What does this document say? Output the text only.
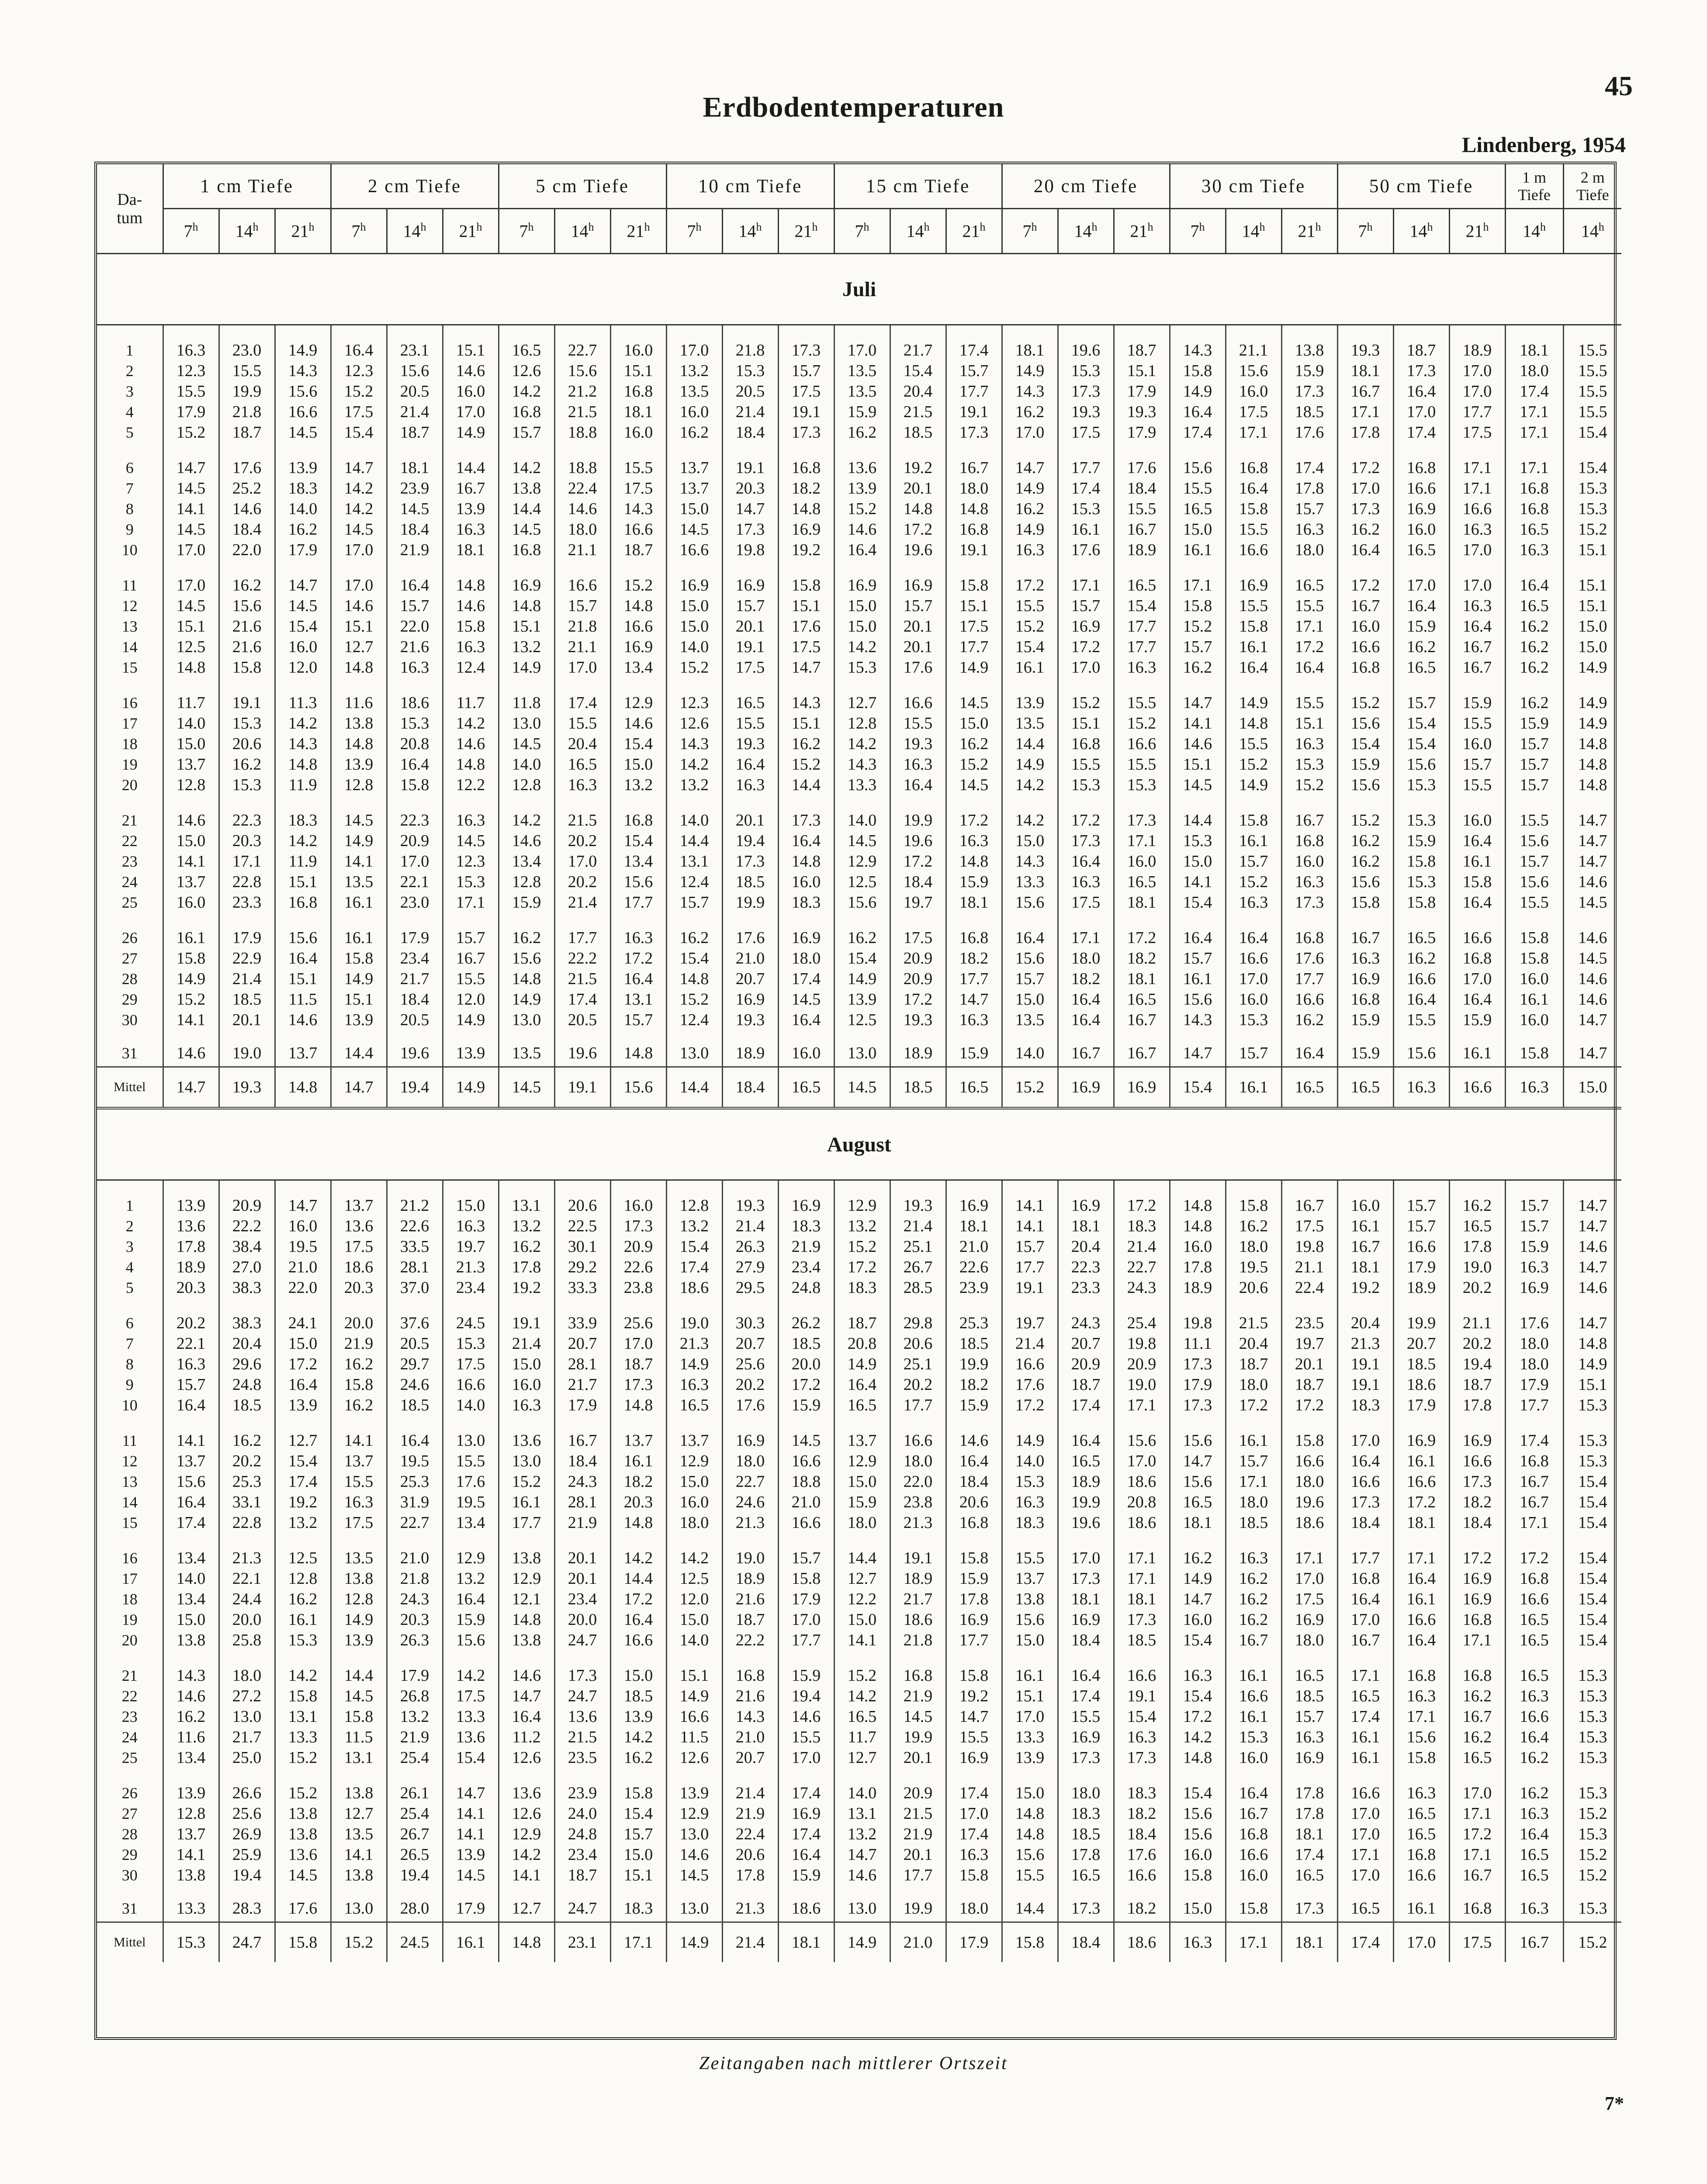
45
Erdbodentemperaturen
Lindenberg, 1954
Da-
tum	1 cm Tiefe			2 cm Tiefe			5 cm Tiefe			10 cm Tiefe			15 cm Tiefe			20 cm Tiefe			30 cm Tiefe			50 cm Tiefe			1 m
Tiefe	2 m
Tiefe
	7$^h$	14$^h$	21$^h$	7$^h$	14$^h$	21$^h$	7$^h$	14$^h$	21$^h$	7$^h$	14$^h$	21$^h$	7$^h$	14$^h$	21$^h$	7$^h$	14$^h$	21$^h$	7$^h$	14$^h$	21$^h$	7$^h$	14$^h$	21$^h$	14$^h$	14$^h$
Juli																										
1	16.3	23.0	14.9	16.4	23.1	15.1	16.5	22.7	16.0	17.0	21.8	17.3	17.0	21.7	17.4	18.1	19.6	18.7	14.3	21.1	13.8	19.3	18.7	18.9	18.1	15.5
2	12.3	15.5	14.3	12.3	15.6	14.6	12.6	15.6	15.1	13.2	15.3	15.7	13.5	15.4	15.7	14.9	15.3	15.1	15.8	15.6	15.9	18.1	17.3	17.0	18.0	15.5
3	15.5	19.9	15.6	15.2	20.5	16.0	14.2	21.2	16.8	13.5	20.5	17.5	13.5	20.4	17.7	14.3	17.3	17.9	14.9	16.0	17.3	16.7	16.4	17.0	17.4	15.5
4	17.9	21.8	16.6	17.5	21.4	17.0	16.8	21.5	18.1	16.0	21.4	19.1	15.9	21.5	19.1	16.2	19.3	19.3	16.4	17.5	18.5	17.1	17.0	17.7	17.1	15.5
5	15.2	18.7	14.5	15.4	18.7	14.9	15.7	18.8	16.0	16.2	18.4	17.3	16.2	18.5	17.3	17.0	17.5	17.9	17.4	17.1	17.6	17.8	17.4	17.5	17.1	15.4
6	14.7	17.6	13.9	14.7	18.1	14.4	14.2	18.8	15.5	13.7	19.1	16.8	13.6	19.2	16.7	14.7	17.7	17.6	15.6	16.8	17.4	17.2	16.8	17.1	17.1	15.4
7	14.5	25.2	18.3	14.2	23.9	16.7	13.8	22.4	17.5	13.7	20.3	18.2	13.9	20.1	18.0	14.9	17.4	18.4	15.5	16.4	17.8	17.0	16.6	17.1	16.8	15.3
8	14.1	14.6	14.0	14.2	14.5	13.9	14.4	14.6	14.3	15.0	14.7	14.8	15.2	14.8	14.8	16.2	15.3	15.5	16.5	15.8	15.7	17.3	16.9	16.6	16.8	15.3
9	14.5	18.4	16.2	14.5	18.4	16.3	14.5	18.0	16.6	14.5	17.3	16.9	14.6	17.2	16.8	14.9	16.1	16.7	15.0	15.5	16.3	16.2	16.0	16.3	16.5	15.2
10	17.0	22.0	17.9	17.0	21.9	18.1	16.8	21.1	18.7	16.6	19.8	19.2	16.4	19.6	19.1	16.3	17.6	18.9	16.1	16.6	18.0	16.4	16.5	17.0	16.3	15.1
11	17.0	16.2	14.7	17.0	16.4	14.8	16.9	16.6	15.2	16.9	16.9	15.8	16.9	16.9	15.8	17.2	17.1	16.5	17.1	16.9	16.5	17.2	17.0	17.0	16.4	15.1
12	14.5	15.6	14.5	14.6	15.7	14.6	14.8	15.7	14.8	15.0	15.7	15.1	15.0	15.7	15.1	15.5	15.7	15.4	15.8	15.5	15.5	16.7	16.4	16.3	16.5	15.1
13	15.1	21.6	15.4	15.1	22.0	15.8	15.1	21.8	16.6	15.0	20.1	17.6	15.0	20.1	17.5	15.2	16.9	17.7	15.2	15.8	17.1	16.0	15.9	16.4	16.2	15.0
14	12.5	21.6	16.0	12.7	21.6	16.3	13.2	21.1	16.9	14.0	19.1	17.5	14.2	20.1	17.7	15.4	17.2	17.7	15.7	16.1	17.2	16.6	16.2	16.7	16.2	15.0
15	14.8	15.8	12.0	14.8	16.3	12.4	14.9	17.0	13.4	15.2	17.5	14.7	15.3	17.6	14.9	16.1	17.0	16.3	16.2	16.4	16.4	16.8	16.5	16.7	16.2	14.9
16	11.7	19.1	11.3	11.6	18.6	11.7	11.8	17.4	12.9	12.3	16.5	14.3	12.7	16.6	14.5	13.9	15.2	15.5	14.7	14.9	15.5	15.2	15.7	15.9	16.2	14.9
17	14.0	15.3	14.2	13.8	15.3	14.2	13.0	15.5	14.6	12.6	15.5	15.1	12.8	15.5	15.0	13.5	15.1	15.2	14.1	14.8	15.1	15.6	15.4	15.5	15.9	14.9
18	15.0	20.6	14.3	14.8	20.8	14.6	14.5	20.4	15.4	14.3	19.3	16.2	14.2	19.3	16.2	14.4	16.8	16.6	14.6	15.5	16.3	15.4	15.4	16.0	15.7	14.8
19	13.7	16.2	14.8	13.9	16.4	14.8	14.0	16.5	15.0	14.2	16.4	15.2	14.3	16.3	15.2	14.9	15.5	15.5	15.1	15.2	15.3	15.9	15.6	15.7	15.7	14.8
20	12.8	15.3	11.9	12.8	15.8	12.2	12.8	16.3	13.2	13.2	16.3	14.4	13.3	16.4	14.5	14.2	15.3	15.3	14.5	14.9	15.2	15.6	15.3	15.5	15.7	14.8
21	14.6	22.3	18.3	14.5	22.3	16.3	14.2	21.5	16.8	14.0	20.1	17.3	14.0	19.9	17.2	14.2	17.2	17.3	14.4	15.8	16.7	15.2	15.3	16.0	15.5	14.7
22	15.0	20.3	14.2	14.9	20.9	14.5	14.6	20.2	15.4	14.4	19.4	16.4	14.5	19.6	16.3	15.0	17.3	17.1	15.3	16.1	16.8	16.2	15.9	16.4	15.6	14.7
23	14.1	17.1	11.9	14.1	17.0	12.3	13.4	17.0	13.4	13.1	17.3	14.8	12.9	17.2	14.8	14.3	16.4	16.0	15.0	15.7	16.0	16.2	15.8	16.1	15.7	14.7
24	13.7	22.8	15.1	13.5	22.1	15.3	12.8	20.2	15.6	12.4	18.5	16.0	12.5	18.4	15.9	13.3	16.3	16.5	14.1	15.2	16.3	15.6	15.3	15.8	15.6	14.6
25	16.0	23.3	16.8	16.1	23.0	17.1	15.9	21.4	17.7	15.7	19.9	18.3	15.6	19.7	18.1	15.6	17.5	18.1	15.4	16.3	17.3	15.8	15.8	16.4	15.5	14.5
26	16.1	17.9	15.6	16.1	17.9	15.7	16.2	17.7	16.3	16.2	17.6	16.9	16.2	17.5	16.8	16.4	17.1	17.2	16.4	16.4	16.8	16.7	16.5	16.6	15.8	14.6
27	15.8	22.9	16.4	15.8	23.4	16.7	15.6	22.2	17.2	15.4	21.0	18.0	15.4	20.9	18.2	15.6	18.0	18.2	15.7	16.6	17.6	16.3	16.2	16.8	15.8	14.5
28	14.9	21.4	15.1	14.9	21.7	15.5	14.8	21.5	16.4	14.8	20.7	17.4	14.9	20.9	17.7	15.7	18.2	18.1	16.1	17.0	17.7	16.9	16.6	17.0	16.0	14.6
29	15.2	18.5	11.5	15.1	18.4	12.0	14.9	17.4	13.1	15.2	16.9	14.5	13.9	17.2	14.7	15.0	16.4	16.5	15.6	16.0	16.6	16.8	16.4	16.4	16.1	14.6
30	14.1	20.1	14.6	13.9	20.5	14.9	13.0	20.5	15.7	12.4	19.3	16.4	12.5	19.3	16.3	13.5	16.4	16.7	14.3	15.3	16.2	15.9	15.5	15.9	16.0	14.7
31	14.6	19.0	13.7	14.4	19.6	13.9	13.5	19.6	14.8	13.0	18.9	16.0	13.0	18.9	15.9	14.0	16.7	16.7	14.7	15.7	16.4	15.9	15.6	16.1	15.8	14.7
Mittel	14.7	19.3	14.8	14.7	19.4	14.9	14.5	19.1	15.6	14.4	18.4	16.5	14.5	18.5	16.5	15.2	16.9	16.9	15.4	16.1	16.5	16.5	16.3	16.6	16.3	15.0
August																										
1	13.9	20.9	14.7	13.7	21.2	15.0	13.1	20.6	16.0	12.8	19.3	16.9	12.9	19.3	16.9	14.1	16.9	17.2	14.8	15.8	16.7	16.0	15.7	16.2	15.7	14.7
2	13.6	22.2	16.0	13.6	22.6	16.3	13.2	22.5	17.3	13.2	21.4	18.3	13.2	21.4	18.1	14.1	18.1	18.3	14.8	16.2	17.5	16.1	15.7	16.5	15.7	14.7
3	17.8	38.4	19.5	17.5	33.5	19.7	16.2	30.1	20.9	15.4	26.3	21.9	15.2	25.1	21.0	15.7	20.4	21.4	16.0	18.0	19.8	16.7	16.6	17.8	15.9	14.6
4	18.9	27.0	21.0	18.6	28.1	21.3	17.8	29.2	22.6	17.4	27.9	23.4	17.2	26.7	22.6	17.7	22.3	22.7	17.8	19.5	21.1	18.1	17.9	19.0	16.3	14.7
5	20.3	38.3	22.0	20.3	37.0	23.4	19.2	33.3	23.8	18.6	29.5	24.8	18.3	28.5	23.9	19.1	23.3	24.3	18.9	20.6	22.4	19.2	18.9	20.2	16.9	14.6
6	20.2	38.3	24.1	20.0	37.6	24.5	19.1	33.9	25.6	19.0	30.3	26.2	18.7	29.8	25.3	19.7	24.3	25.4	19.8	21.5	23.5	20.4	19.9	21.1	17.6	14.7
7	22.1	20.4	15.0	21.9	20.5	15.3	21.4	20.7	17.0	21.3	20.7	18.5	20.8	20.6	18.5	21.4	20.7	19.8	11.1	20.4	19.7	21.3	20.7	20.2	18.0	14.8
8	16.3	29.6	17.2	16.2	29.7	17.5	15.0	28.1	18.7	14.9	25.6	20.0	14.9	25.1	19.9	16.6	20.9	20.9	17.3	18.7	20.1	19.1	18.5	19.4	18.0	14.9
9	15.7	24.8	16.4	15.8	24.6	16.6	16.0	21.7	17.3	16.3	20.2	17.2	16.4	20.2	18.2	17.6	18.7	19.0	17.9	18.0	18.7	19.1	18.6	18.7	17.9	15.1
10	16.4	18.5	13.9	16.2	18.5	14.0	16.3	17.9	14.8	16.5	17.6	15.9	16.5	17.7	15.9	17.2	17.4	17.1	17.3	17.2	17.2	18.3	17.9	17.8	17.7	15.3
11	14.1	16.2	12.7	14.1	16.4	13.0	13.6	16.7	13.7	13.7	16.9	14.5	13.7	16.6	14.6	14.9	16.4	15.6	15.6	16.1	15.8	17.0	16.9	16.9	17.4	15.3
12	13.7	20.2	15.4	13.7	19.5	15.5	13.0	18.4	16.1	12.9	18.0	16.6	12.9	18.0	16.4	14.0	16.5	17.0	14.7	15.7	16.6	16.4	16.1	16.6	16.8	15.3
13	15.6	25.3	17.4	15.5	25.3	17.6	15.2	24.3	18.2	15.0	22.7	18.8	15.0	22.0	18.4	15.3	18.9	18.6	15.6	17.1	18.0	16.6	16.6	17.3	16.7	15.4
14	16.4	33.1	19.2	16.3	31.9	19.5	16.1	28.1	20.3	16.0	24.6	21.0	15.9	23.8	20.6	16.3	19.9	20.8	16.5	18.0	19.6	17.3	17.2	18.2	16.7	15.4
15	17.4	22.8	13.2	17.5	22.7	13.4	17.7	21.9	14.8	18.0	21.3	16.6	18.0	21.3	16.8	18.3	19.6	18.6	18.1	18.5	18.6	18.4	18.1	18.4	17.1	15.4
16	13.4	21.3	12.5	13.5	21.0	12.9	13.8	20.1	14.2	14.2	19.0	15.7	14.4	19.1	15.8	15.5	17.0	17.1	16.2	16.3	17.1	17.7	17.1	17.2	17.2	15.4
17	14.0	22.1	12.8	13.8	21.8	13.2	12.9	20.1	14.4	12.5	18.9	15.8	12.7	18.9	15.9	13.7	17.3	17.1	14.9	16.2	17.0	16.8	16.4	16.9	16.8	15.4
18	13.4	24.4	16.2	12.8	24.3	16.4	12.1	23.4	17.2	12.0	21.6	17.9	12.2	21.7	17.8	13.8	18.1	18.1	14.7	16.2	17.5	16.4	16.1	16.9	16.6	15.4
19	15.0	20.0	16.1	14.9	20.3	15.9	14.8	20.0	16.4	15.0	18.7	17.0	15.0	18.6	16.9	15.6	16.9	17.3	16.0	16.2	16.9	17.0	16.6	16.8	16.5	15.4
20	13.8	25.8	15.3	13.9	26.3	15.6	13.8	24.7	16.6	14.0	22.2	17.7	14.1	21.8	17.7	15.0	18.4	18.5	15.4	16.7	18.0	16.7	16.4	17.1	16.5	15.4
21	14.3	18.0	14.2	14.4	17.9	14.2	14.6	17.3	15.0	15.1	16.8	15.9	15.2	16.8	15.8	16.1	16.4	16.6	16.3	16.1	16.5	17.1	16.8	16.8	16.5	15.3
22	14.6	27.2	15.8	14.5	26.8	17.5	14.7	24.7	18.5	14.9	21.6	19.4	14.2	21.9	19.2	15.1	17.4	19.1	15.4	16.6	18.5	16.5	16.3	16.2	16.3	15.3
23	16.2	13.0	13.1	15.8	13.2	13.3	16.4	13.6	13.9	16.6	14.3	14.6	16.5	14.5	14.7	17.0	15.5	15.4	17.2	16.1	15.7	17.4	17.1	16.7	16.6	15.3
24	11.6	21.7	13.3	11.5	21.9	13.6	11.2	21.5	14.2	11.5	21.0	15.5	11.7	19.9	15.5	13.3	16.9	16.3	14.2	15.3	16.3	16.1	15.6	16.2	16.4	15.3
25	13.4	25.0	15.2	13.1	25.4	15.4	12.6	23.5	16.2	12.6	20.7	17.0	12.7	20.1	16.9	13.9	17.3	17.3	14.8	16.0	16.9	16.1	15.8	16.5	16.2	15.3
26	13.9	26.6	15.2	13.8	26.1	14.7	13.6	23.9	15.8	13.9	21.4	17.4	14.0	20.9	17.4	15.0	18.0	18.3	15.4	16.4	17.8	16.6	16.3	17.0	16.2	15.3
27	12.8	25.6	13.8	12.7	25.4	14.1	12.6	24.0	15.4	12.9	21.9	16.9	13.1	21.5	17.0	14.8	18.3	18.2	15.6	16.7	17.8	17.0	16.5	17.1	16.3	15.2
28	13.7	26.9	13.8	13.5	26.7	14.1	12.9	24.8	15.7	13.0	22.4	17.4	13.2	21.9	17.4	14.8	18.5	18.4	15.6	16.8	18.1	17.0	16.5	17.2	16.4	15.3
29	14.1	25.9	13.6	14.1	26.5	13.9	14.2	23.4	15.0	14.6	20.6	16.4	14.7	20.1	16.3	15.6	17.8	17.6	16.0	16.6	17.4	17.1	16.8	17.1	16.5	15.2
30	13.8	19.4	14.5	13.8	19.4	14.5	14.1	18.7	15.1	14.5	17.8	15.9	14.6	17.7	15.8	15.5	16.5	16.6	15.8	16.0	16.5	17.0	16.6	16.7	16.5	15.2
31	13.3	28.3	17.6	13.0	28.0	17.9	12.7	24.7	18.3	13.0	21.3	18.6	13.0	19.9	18.0	14.4	17.3	18.2	15.0	15.8	17.3	16.5	16.1	16.8	16.3	15.3
Mittel	15.3	24.7	15.8	15.2	24.5	16.1	14.8	23.1	17.1	14.9	21.4	18.1	14.9	21.0	17.9	15.8	18.4	18.6	16.3	17.1	18.1	17.4	17.0	17.5	16.7	15.2
Zeitangaben nach mittlerer Ortszeit
7*
